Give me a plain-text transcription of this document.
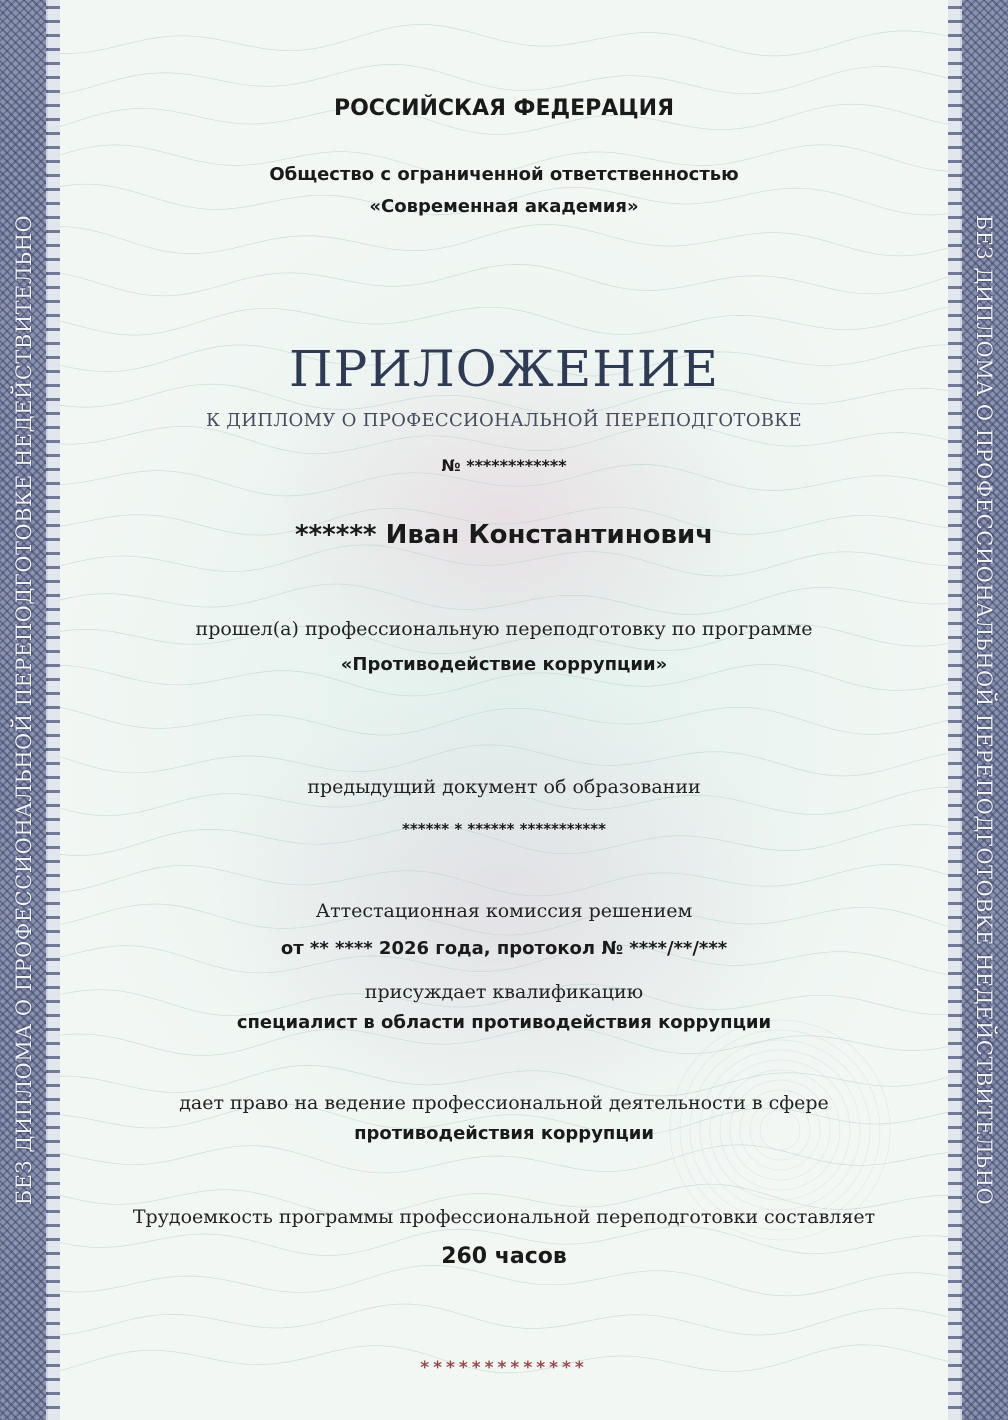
БЕЗ ДИПЛОМА О ПРОФЕССИОНАЛЬНОЙ ПЕРЕПОДГОТОВКЕ НЕДЕЙСТВИТЕЛЬНО	БЕЗ ДИПЛОМА О ПРОФЕССИОНАЛЬНОЙ ПЕРЕПОДГОТОВКЕ НЕДЕЙСТВИТЕЛЬНО
РОССИЙСКАЯ ФЕДЕРАЦИЯ
Общество с ограниченной ответственностью
«Современная академия»
ПРИЛОЖЕНИЕ
К ДИПЛОМУ О ПРОФЕССИОНАЛЬНОЙ ПЕРЕПОДГОТОВКЕ
№ ************
****** Иван Константинович
прошел(а) профессиональную переподготовку по программе
«Противодействие коррупции»
предыдущий документ об образовании
****** * ****** ***********
Аттестационная комиссия решением
от ** **** 2026 года, протокол № ****/**/***
присуждает квалификацию
специалист в области противодействия коррупции
дает право на ведение профессиональной деятельности в сфере
противодействия коррупции
Трудоемкость программы профессиональной переподготовки составляет
260 часов
*************
